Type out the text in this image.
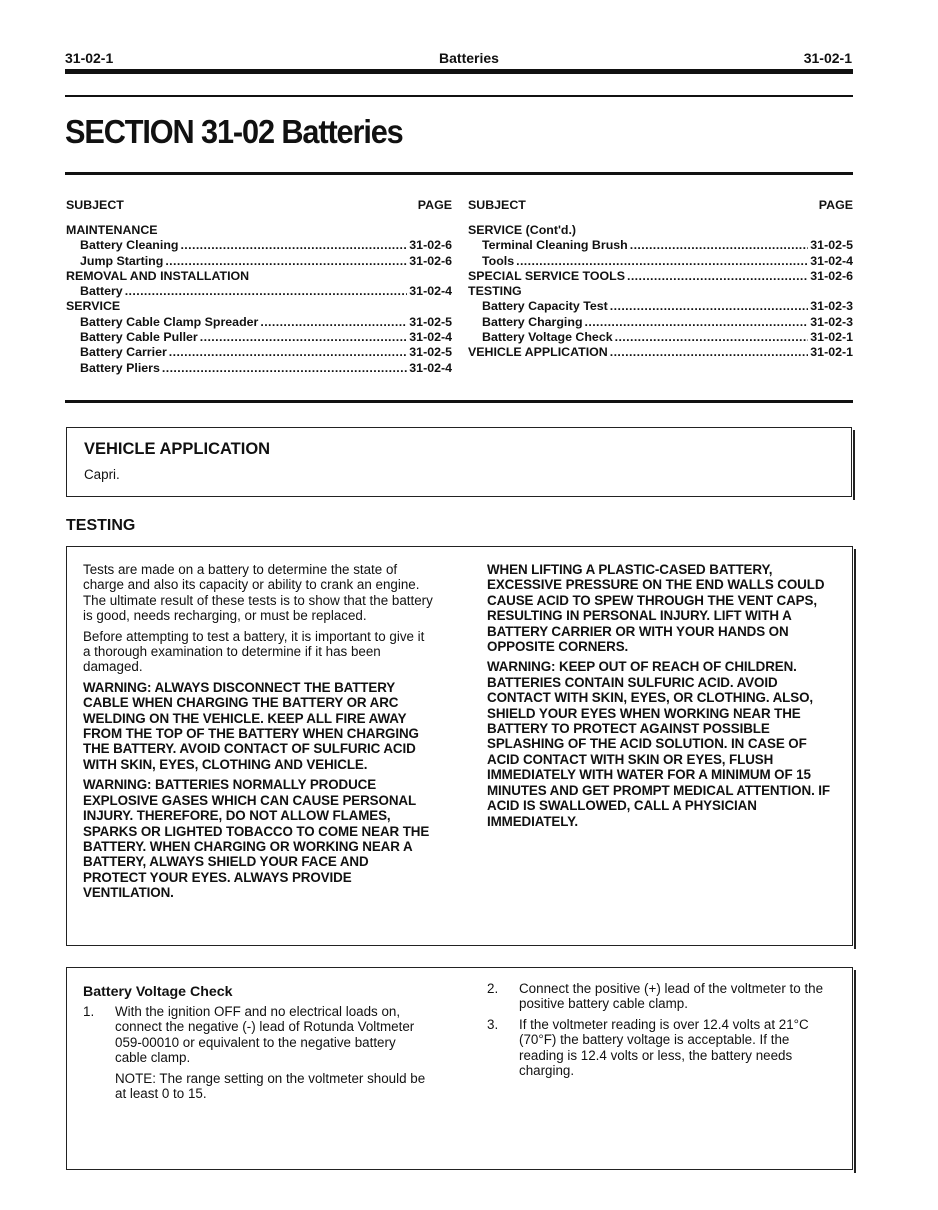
31-02-1	Batteries	31-02-1
SECTION 31-02 Batteries
SUBJECT	PAGE
MAINTENANCE
Battery Cleaning .....	31-02-6
Jump Starting .....	31-02-6
REMOVAL AND INSTALLATION
Battery .....	31-02-4
SERVICE
Battery Cable Clamp Spreader .....	31-02-5
Battery Cable Puller .....	31-02-4
Battery Carrier .....	31-02-5
Battery Pliers .....	31-02-4
SUBJECT	PAGE
SERVICE (Cont'd.)
Terminal Cleaning Brush .....	31-02-5
Tools .....	31-02-4
SPECIAL SERVICE TOOLS .....	31-02-6
TESTING
Battery Capacity Test .....	31-02-3
Battery Charging .....	31-02-3
Battery Voltage Check .....	31-02-1
VEHICLE APPLICATION .....	31-02-1
VEHICLE APPLICATION
Capri.
TESTING

Tests are made on a battery to determine the state of charge and also its capacity or ability to crank an engine. The ultimate result of these tests is to show that the battery is good, needs recharging, or must be replaced.

Before attempting to test a battery, it is important to give it a thorough examination to determine if it has been damaged.

WARNING: ALWAYS DISCONNECT THE BATTERY CABLE WHEN CHARGING THE BATTERY OR ARC WELDING ON THE VEHICLE. KEEP ALL FIRE AWAY FROM THE TOP OF THE BATTERY WHEN CHARGING THE BATTERY. AVOID CONTACT OF SULFURIC ACID WITH SKIN, EYES, CLOTHING AND VEHICLE.

WARNING: BATTERIES NORMALLY PRODUCE EXPLOSIVE GASES WHICH CAN CAUSE PERSONAL INJURY. THEREFORE, DO NOT ALLOW FLAMES, SPARKS OR LIGHTED TOBACCO TO COME NEAR THE BATTERY. WHEN CHARGING OR WORKING NEAR A BATTERY, ALWAYS SHIELD YOUR FACE AND PROTECT YOUR EYES. ALWAYS PROVIDE VENTILATION.

WHEN LIFTING A PLASTIC-CASED BATTERY, EXCESSIVE PRESSURE ON THE END WALLS COULD CAUSE ACID TO SPEW THROUGH THE VENT CAPS, RESULTING IN PERSONAL INJURY. LIFT WITH A BATTERY CARRIER OR WITH YOUR HANDS ON OPPOSITE CORNERS.

WARNING: KEEP OUT OF REACH OF CHILDREN. BATTERIES CONTAIN SULFURIC ACID. AVOID CONTACT WITH SKIN, EYES, OR CLOTHING. ALSO, SHIELD YOUR EYES WHEN WORKING NEAR THE BATTERY TO PROTECT AGAINST POSSIBLE SPLASHING OF THE ACID SOLUTION. IN CASE OF ACID CONTACT WITH SKIN OR EYES, FLUSH IMMEDIATELY WITH WATER FOR A MINIMUM OF 15 MINUTES AND GET PROMPT MEDICAL ATTENTION. IF ACID IS SWALLOWED, CALL A PHYSICIAN IMMEDIATELY.

Battery Voltage Check
1.	With the ignition OFF and no electrical loads on, connect the negative (-) lead of Rotunda Voltmeter 059-00010 or equivalent to the negative battery cable clamp.

NOTE: The range setting on the voltmeter should be at least 0 to 15.

2.	Connect the positive (+) lead of the voltmeter to the positive battery cable clamp.

3.	If the voltmeter reading is over 12.4 volts at 21°C (70°F) the battery voltage is acceptable. If the reading is 12.4 volts or less, the battery needs charging.
